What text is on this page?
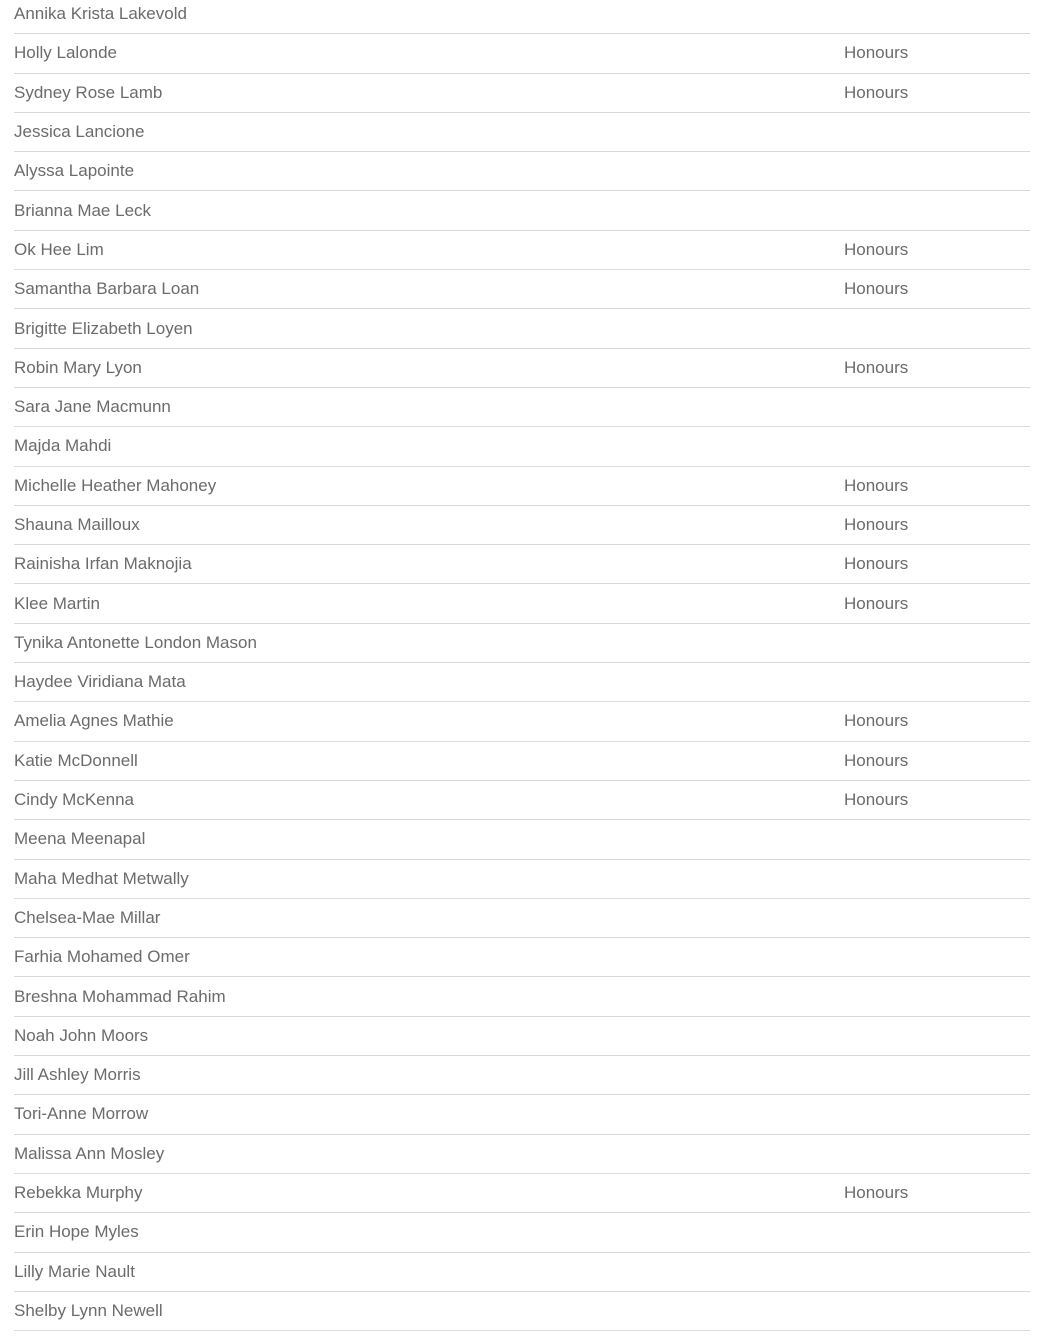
Annika Krista Lakevold
Holly Lalonde	Honours
Sydney Rose Lamb	Honours
Jessica Lancione
Alyssa Lapointe
Brianna Mae Leck
Ok Hee Lim	Honours
Samantha Barbara Loan	Honours
Brigitte Elizabeth Loyen
Robin Mary Lyon	Honours
Sara Jane Macmunn
Majda Mahdi
Michelle Heather Mahoney	Honours
Shauna Mailloux	Honours
Rainisha Irfan Maknojia	Honours
Klee Martin	Honours
Tynika Antonette London Mason
Haydee Viridiana Mata
Amelia Agnes Mathie	Honours
Katie McDonnell	Honours
Cindy McKenna	Honours
Meena Meenapal
Maha Medhat Metwally
Chelsea-Mae Millar
Farhia Mohamed Omer
Breshna Mohammad Rahim
Noah John Moors
Jill Ashley Morris
Tori-Anne Morrow
Malissa Ann Mosley
Rebekka Murphy	Honours
Erin Hope Myles
Lilly Marie Nault
Shelby Lynn Newell
